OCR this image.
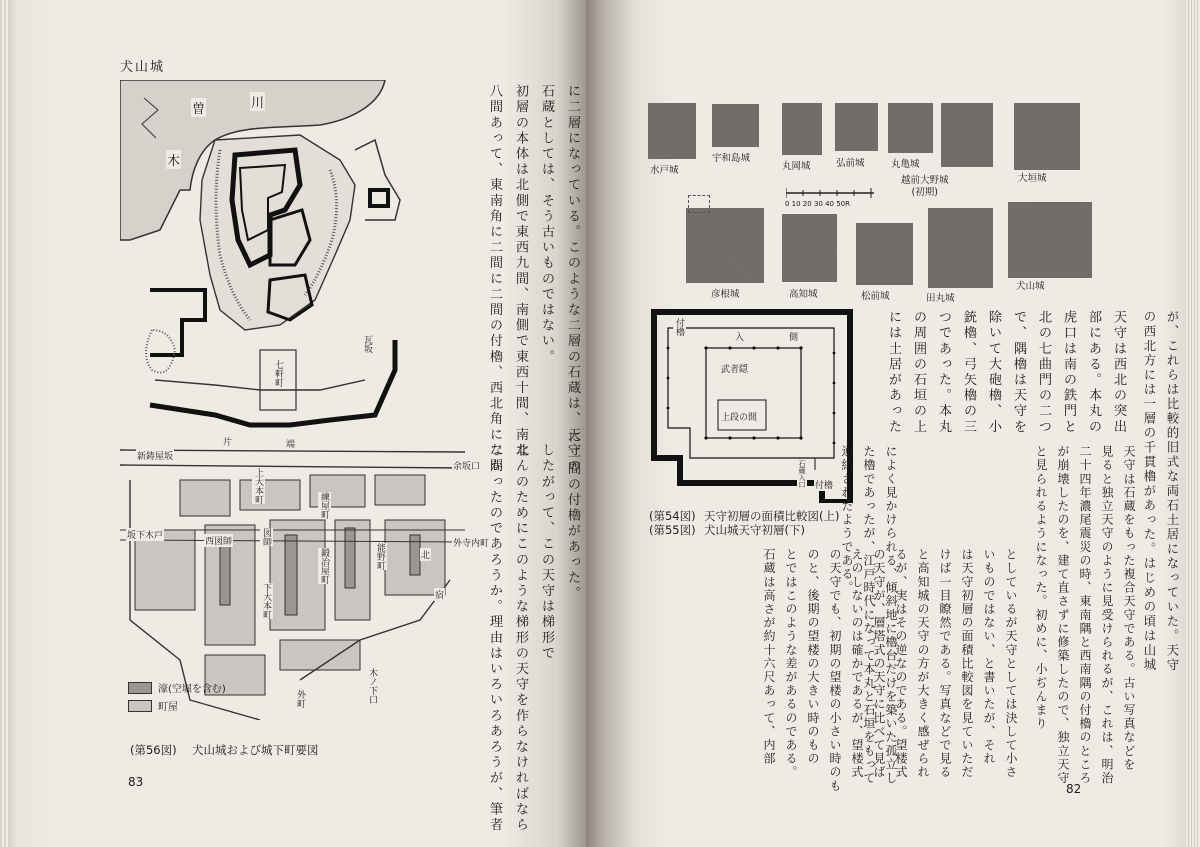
犬山城
曽	川
木
瓦坂
七軒町
片	端
新鋳屋坂
余坂口
上大本町
練屋町
坂下木戸
西図師	図師
鍛冶屋町	能野町	北
宿
外寺内町
下大本町
外町	木ノ下口
濠(空堀を含む)
町屋
(第56図) 犬山城および城下町要図
に二層になっている。このような二層の石蔵は、天守の
石蔵としては、そう古いものではない。
初層の本体は北側で東西九間、南側で東西十間、南北
八間あって、東南角に二間に二間の付櫓、西北角に二間
に二間の付櫓があった。
したがって、この天守は梯形で
なんのためにこのような梯形の天守を作らなければなら
なかったのであろうか。理由はいろいろあろうが、筆者
83
0 10 20 30 40 50R
水戸城
宇和島城
丸岡城	弘前城	丸亀城
越前大野城
(初期)
大垣城
彦根城	高知城	松前城	田丸城
犬山城
入	側
付櫓
武者隠
上段の間
付櫓
石蔵入口
(第54図) 天守初層の面積比較図(上)
(第55図) 犬山城天守初層(下)
天守は西北の突出
部にある。本丸の
虎口は南の鉄門と
北の七曲門の二つ
で、隅櫓は天守を
除いて大砲櫓、小
銃櫓、弓矢櫓の三
つであった。本丸
の周囲の石垣の上
には土居があった	が、これらは比較的旧式な両石土居になっていた。天守
の西北方には一層の千貫櫓があった。はじめの頃は山城
によく見かけられる、傾斜地に櫓台だけを築いた孤立し
た櫓であったが、江戸時代になって本丸と石垣をもって
連結されたようである。	天守は石蔵をもった複合天守である。古い写真などを
見ると独立天守のように見受けられるが、これは、明治
二十四年濃尾震災の時、東南隅と西南隅の付櫓のところ
が崩壊したのを、建て直さずに修築したので、独立天守
と見られるようになった。初めに、小ぢんまり
としているが天守としては決して小さ
いものではない、と書いたが、それ
は天守初層の面積比較図を見ていただ
けば一目瞭然である。写真などで見る
と高知城の天守の方が大きく感ぜられ
るが、実はその逆なのである。望楼式
の天守が、層塔式の天守に比べて見ば
えのしないのは確かであるが、望楼式
の天守でも、初期の望楼の小さい時のも
のと、後期の望楼の大きい時のもの
とではこのような差があるのである。
石蔵は高さが約十六尺あって、内部
82
